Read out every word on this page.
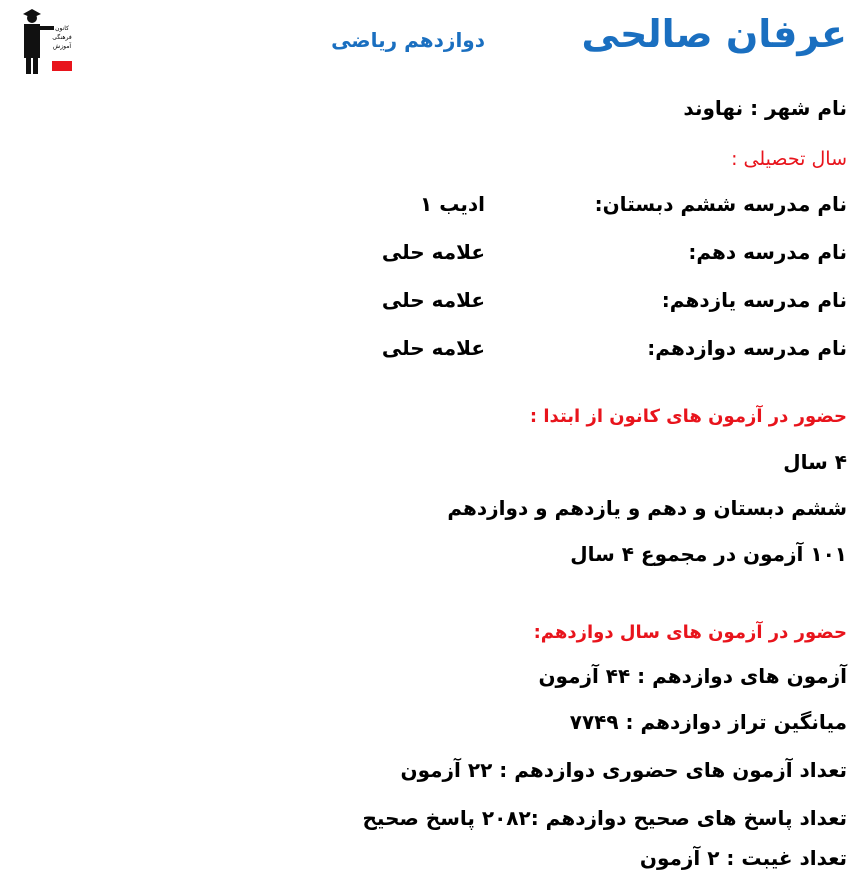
کانون
فرهنگی
آموزش
قلم چی	عرفان صالحی
دوازدهم ریاضی
نام شهر : نهاوند
سال تحصیلی :
نام مدرسه ششم دبستان:
ادیب ۱
نام مدرسه دهم:
علامه حلی
نام مدرسه یازدهم:
علامه حلی
نام مدرسه دوازدهم:
علامه حلی
حضور در آزمون های کانون از ابتدا :
۴ سال
ششم دبستان و دهم و یازدهم و دوازدهم
۱۰۱ آزمون در مجموع ۴ سال
حضور در آزمون های سال دوازدهم:
آزمون های دوازدهم : ۴۴ آزمون
میانگین تراز دوازدهم : ۷۷۴۹
تعداد آزمون های حضوری دوازدهم : ۲۲ آزمون
تعداد پاسخ های صحیح دوازدهم :۲۰۸۲ پاسخ صحیح
تعداد غیبت : ۲ آزمون
